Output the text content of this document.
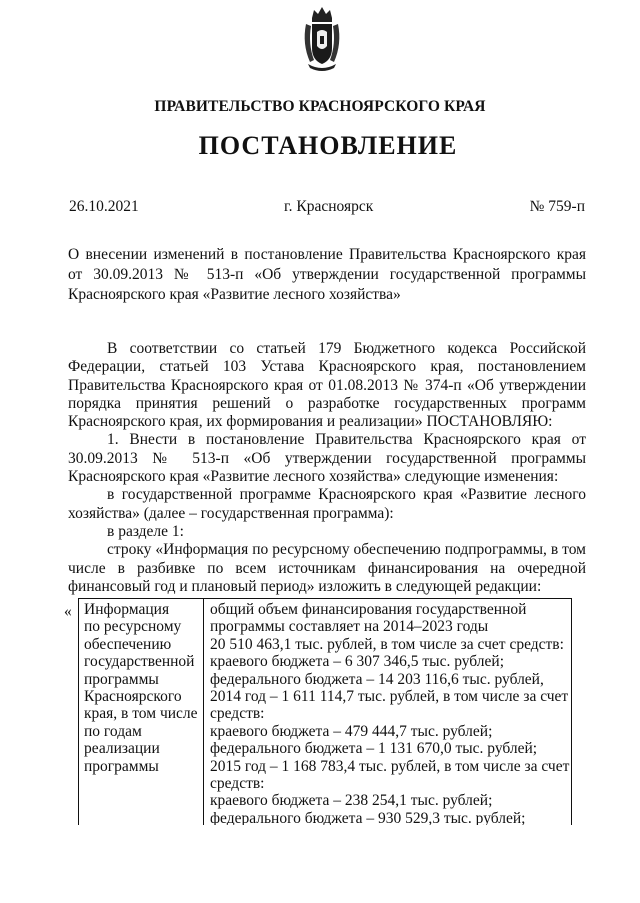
ПРАВИТЕЛЬСТВО КРАСНОЯРСКОГО КРАЯ
ПОСТАНОВЛЕНИЕ
26.10.2021	г. Красноярск	№ 759-п
О внесении изменений в постановление Правительства Красноярского края от 30.09.2013 № 513-п «Об утверждении государственной программы Красноярского края «Развитие лесного хозяйства»

В соответствии со статьей 179 Бюджетного кодекса Российской Федерации, статьей 103 Устава Красноярского края, постановлением Правительства Красноярского края от 01.08.2013 № 374-п «Об утверждении порядка принятия решений о разработке государственных программ Красноярского края, их формирования и реализации» ПОСТАНОВЛЯЮ:

1. Внести в постановление Правительства Красноярского края от 30.09.2013 № 513-п «Об утверждении государственной программы Красноярского края «Развитие лесного хозяйства» следующие изменения:

в государственной программе Красноярского края «Развитие лесного хозяйства» (далее – государственная программа):

в разделе 1:

строку «Информация по ресурсному обеспечению подпрограммы, в том числе в разбивке по всем источникам финансирования на очередной финансовый год и плановый период» изложить в следующей редакции:

« Информация
по ресурсному
обеспечению
государственной
программы
Красноярского
края, в том числе
по годам
реализации
программы
общий объем финансирования государственной
программы составляет на 2014–2023 годы
20 510 463,1 тыс. рублей, в том числе за счет средств:
краевого бюджета – 6 307 346,5 тыс. рублей;
федерального бюджета – 14 203 116,6 тыс. рублей,
2014 год – 1 611 114,7 тыс. рублей, в том числе за счет
средств:
краевого бюджета – 479 444,7 тыс. рублей;
федерального бюджета – 1 131 670,0 тыс. рублей;
2015 год – 1 168 783,4 тыс. рублей, в том числе за счет
средств:
краевого бюджета – 238 254,1 тыс. рублей;
федерального бюджета – 930 529,3 тыс. рублей;
